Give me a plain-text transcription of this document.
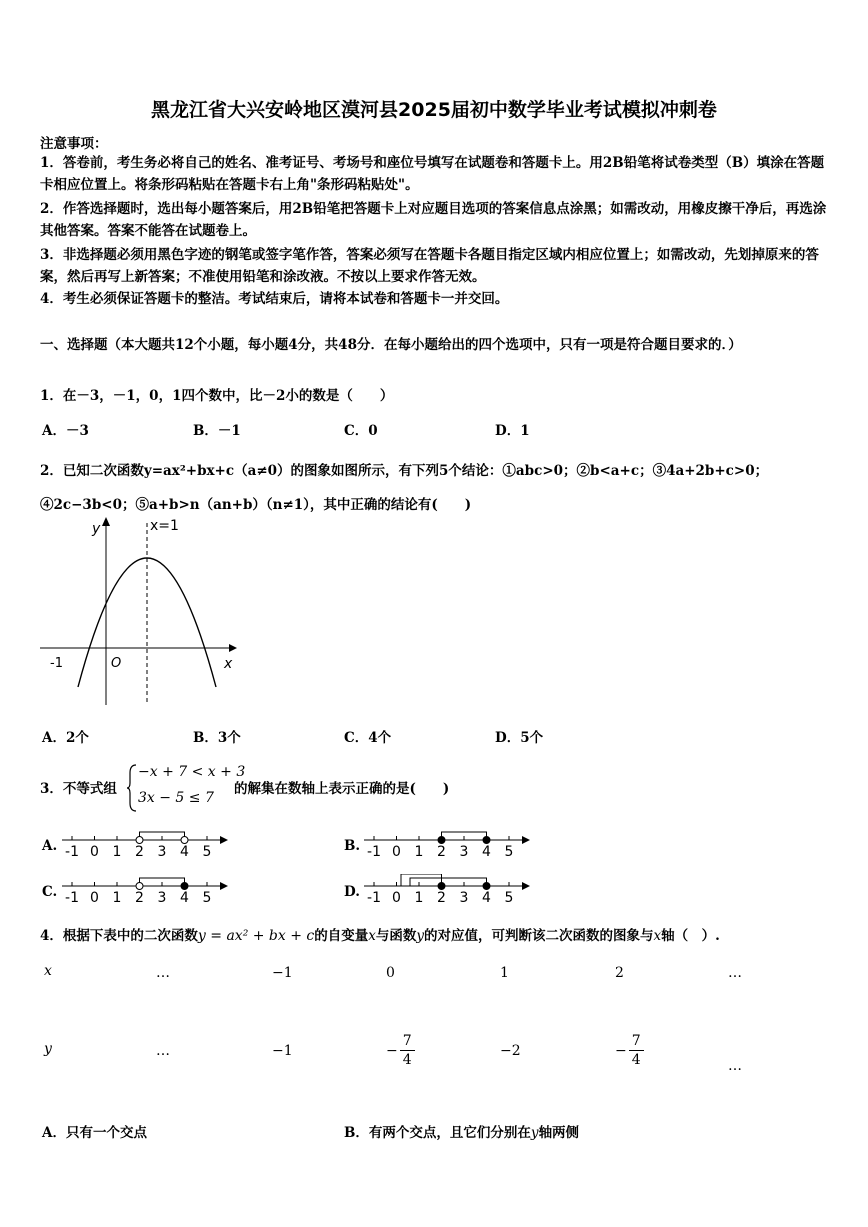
黑龙江省大兴安岭地区漠河县2025届初中数学毕业考试模拟冲刺卷
注意事项：
1．答卷前，考生务必将自己的姓名、准考证号、考场号和座位号填写在试题卷和答题卡上。用2B铅笔将试卷类型（B）填涂在答题卡相应位置上。将条形码粘贴在答题卡右上角"条形码粘贴处"。
2．作答选择题时，选出每小题答案后，用2B铅笔把答题卡上对应题目选项的答案信息点涂黑；如需改动，用橡皮擦干净后，再选涂其他答案。答案不能答在试题卷上。
3．非选择题必须用黑色字迹的钢笔或签字笔作答，答案必须写在答题卡各题目指定区域内相应位置上；如需改动，先划掉原来的答案，然后再写上新答案；不准使用铅笔和涂改液。不按以上要求作答无效。
4．考生必须保证答题卡的整洁。考试结束后，请将本试卷和答题卡一并交回。
一、选择题（本大题共12个小题，每小题4分，共48分．在每小题给出的四个选项中，只有一项是符合题目要求的．）
1．在－3，－1，0，1四个数中，比－2小的数是（　　）
A．－3	B．－1	C．0	D．1
2．已知二次函数y=ax²+bx+c（a≠0）的图象如图所示，有下列5个结论：①abc>0；②b<a+c；③4a+2b+c>0；④2c−3b<0；⑤a+b>n（an+b）（n≠1），其中正确的结论有(　　)
y	x=1
O
-1	x
A．2个	B．3个	C．4个	D．5个
3．不等式组
−x + 7 < x + 3
3x − 5 ≤ 7
的解集在数轴上表示正确的是(　　)
A. -1 0 1 2 3 4 5	B. -1 0 1 2 3 4 5
C. -1 0 1 2 3 4 5	D. -1 0 1 2 3 4 5
4．根据下表中的二次函数y = ax² + bx + c的自变量x与函数y的对应值，可判断该二次函数的图象与x轴（　）.
x	…	−1	0	1	2	…
y	…	−1	− $\frac{7}{4}$	−2	− $\frac{7}{4}$	…
A．只有一个交点	B．有两个交点，且它们分别在y轴两侧
